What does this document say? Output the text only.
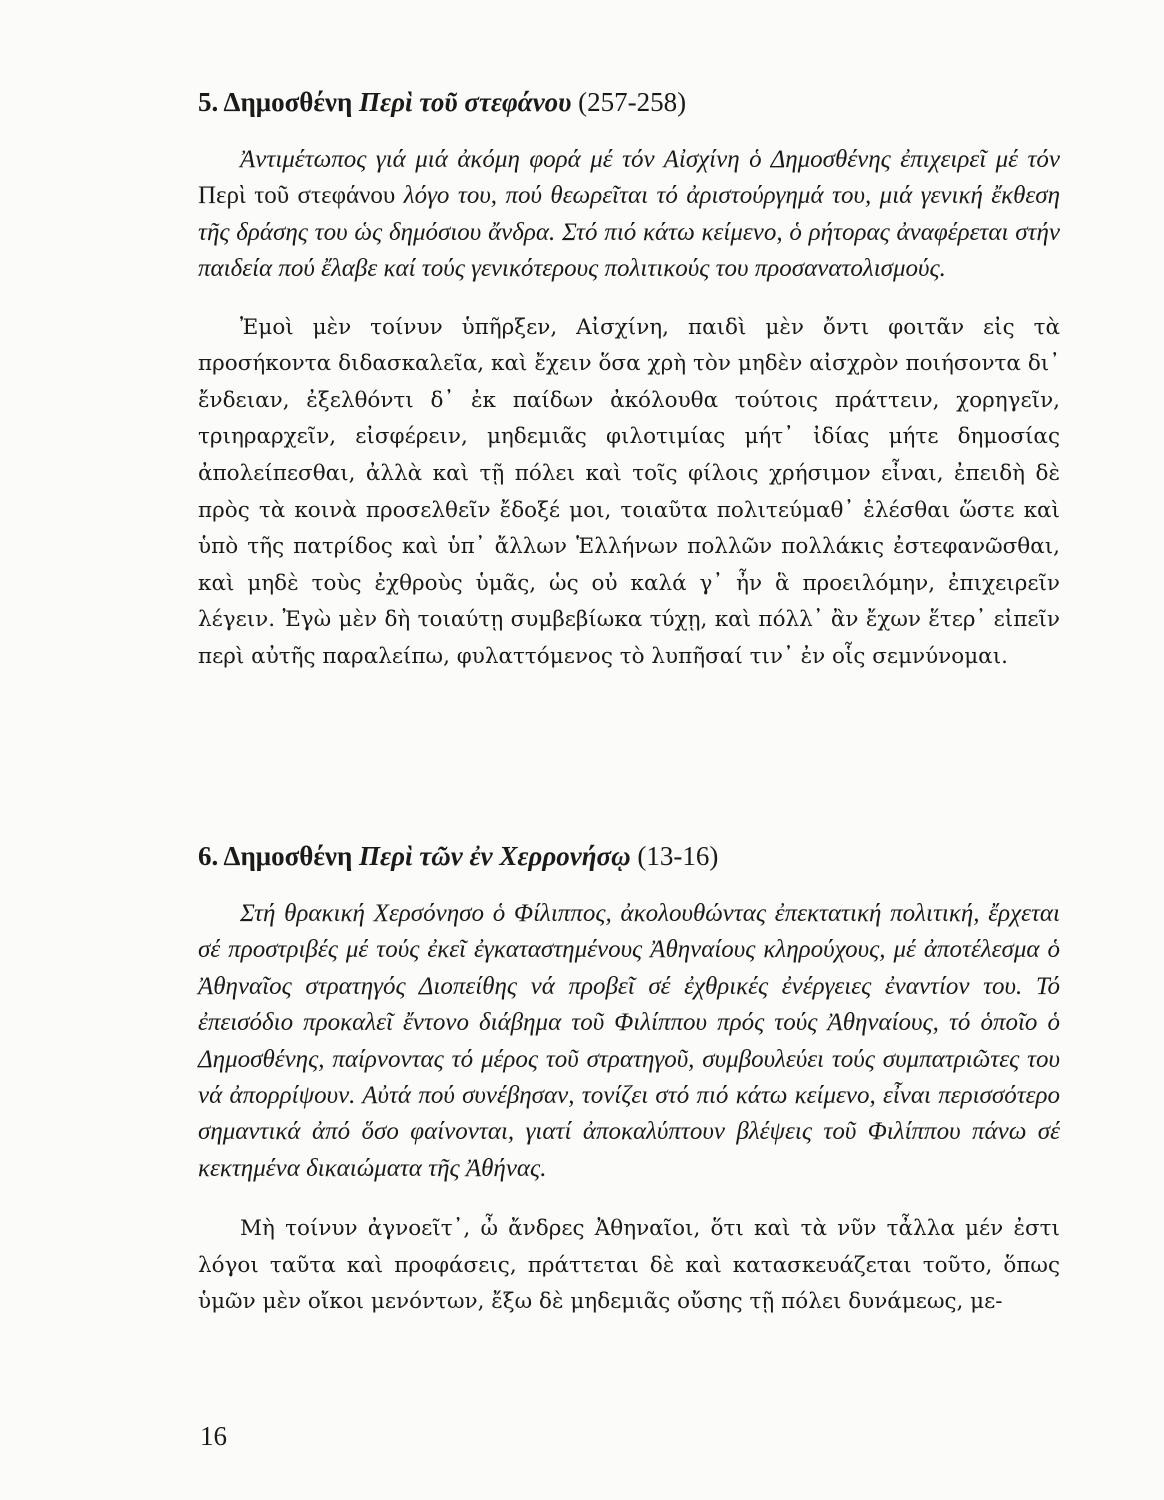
5. Δημοσθένη Περὶ τοῦ στεφάνου (257-258)

Ἀντιμέτωπος γιά μιά ἀκόμη φορά μέ τόν Αἰσχίνη ὁ Δημοσθένης ἐπιχειρεῖ μέ τόν Περὶ τοῦ στεφάνου λόγο του, πού θεωρεῖται τό ἀριστούργημά του, μιά γενική ἔκθεση τῆς δράσης του ὡς δημόσιου ἄνδρα. Στό πιό κάτω κείμενο, ὁ ρήτορας ἀναφέρεται στήν παιδεία πού ἔλαβε καί τούς γενικότερους πολιτικούς του προσανατολισμούς.

Ἐμοὶ μὲν τοίνυν ὑπῆρξεν, Αἰσχίνη, παιδὶ μὲν ὄντι φοιτᾶν εἰς τὰ προσήκοντα διδασκαλεῖα, καὶ ἔχειν ὅσα χρὴ τὸν μηδὲν αἰσχρὸν ποιήσοντα δι᾽ ἔνδειαν, ἐξελθόντι δ᾽ ἐκ παίδων ἀκόλουθα τούτοις πράττειν, χορηγεῖν, τριηραρχεῖν, εἰσφέρειν, μηδεμιᾶς φιλοτιμίας μήτ᾽ ἰδίας μήτε δημοσίας ἀπολείπεσθαι, ἀλλὰ καὶ τῇ πόλει καὶ τοῖς φίλοις χρήσιμον εἶναι, ἐπειδὴ δὲ πρὸς τὰ κοινὰ προσελθεῖν ἔδοξέ μοι, τοιαῦτα πολιτεύμαθ᾽ ἑλέσθαι ὥστε καὶ ὑπὸ τῆς πατρίδος καὶ ὑπ᾽ ἄλλων Ἑλλήνων πολλῶν πολλάκις ἐστεφανῶσθαι, καὶ μηδὲ τοὺς ἐχθροὺς ὑμᾶς, ὡς οὐ καλά γ᾽ ἦν ἃ προειλόμην, ἐπιχειρεῖν λέγειν. Ἐγὼ μὲν δὴ τοιαύτῃ συμβεβίωκα τύχῃ, καὶ πόλλ᾽ ἂν ἔχων ἕτερ᾽ εἰπεῖν περὶ αὐτῆς παραλείπω, φυλαττόμενος τὸ λυπῆσαί τιν᾽ ἐν οἷς σεμνύνομαι.

6. Δημοσθένη Περὶ τῶν ἐν Χερρονήσῳ (13-16)

Στή θρακική Χερσόνησο ὁ Φίλιππος, ἀκολουθώντας ἐπεκτατική πολιτική, ἔρχεται σέ προστριβές μέ τούς ἐκεῖ ἐγκαταστημένους Ἀθηναίους κληρούχους, μέ ἀποτέλεσμα ὁ Ἀθηναῖος στρατηγός Διοπείθης νά προβεῖ σέ ἐχθρικές ἐνέργειες ἐναντίον του. Τό ἐπεισόδιο προκαλεῖ ἔντονο διάβημα τοῦ Φιλίππου πρός τούς Ἀθηναίους, τό ὁποῖο ὁ Δημοσθένης, παίρνοντας τό μέρος τοῦ στρατηγοῦ, συμβουλεύει τούς συμπατριῶτες του νά ἀπορρίψουν. Αὐτά πού συνέβησαν, τονίζει στό πιό κάτω κείμενο, εἶναι περισσότερο σημαντικά ἀπό ὅσο φαίνονται, γιατί ἀποκαλύπτουν βλέψεις τοῦ Φιλίππου πάνω σέ κεκτημένα δικαιώματα τῆς Ἀθήνας.

Μὴ τοίνυν ἀγνοεῖτ᾽, ὦ ἄνδρες Ἀθηναῖοι, ὅτι καὶ τὰ νῦν τἆλλα μέν ἐστι λόγοι ταῦτα καὶ προφάσεις, πράττεται δὲ καὶ κατασκευάζεται τοῦτο, ὅπως ὑμῶν μὲν οἴκοι μενόντων, ἔξω δὲ μηδεμιᾶς οὔσης τῇ πόλει δυνάμεως, με-

16
